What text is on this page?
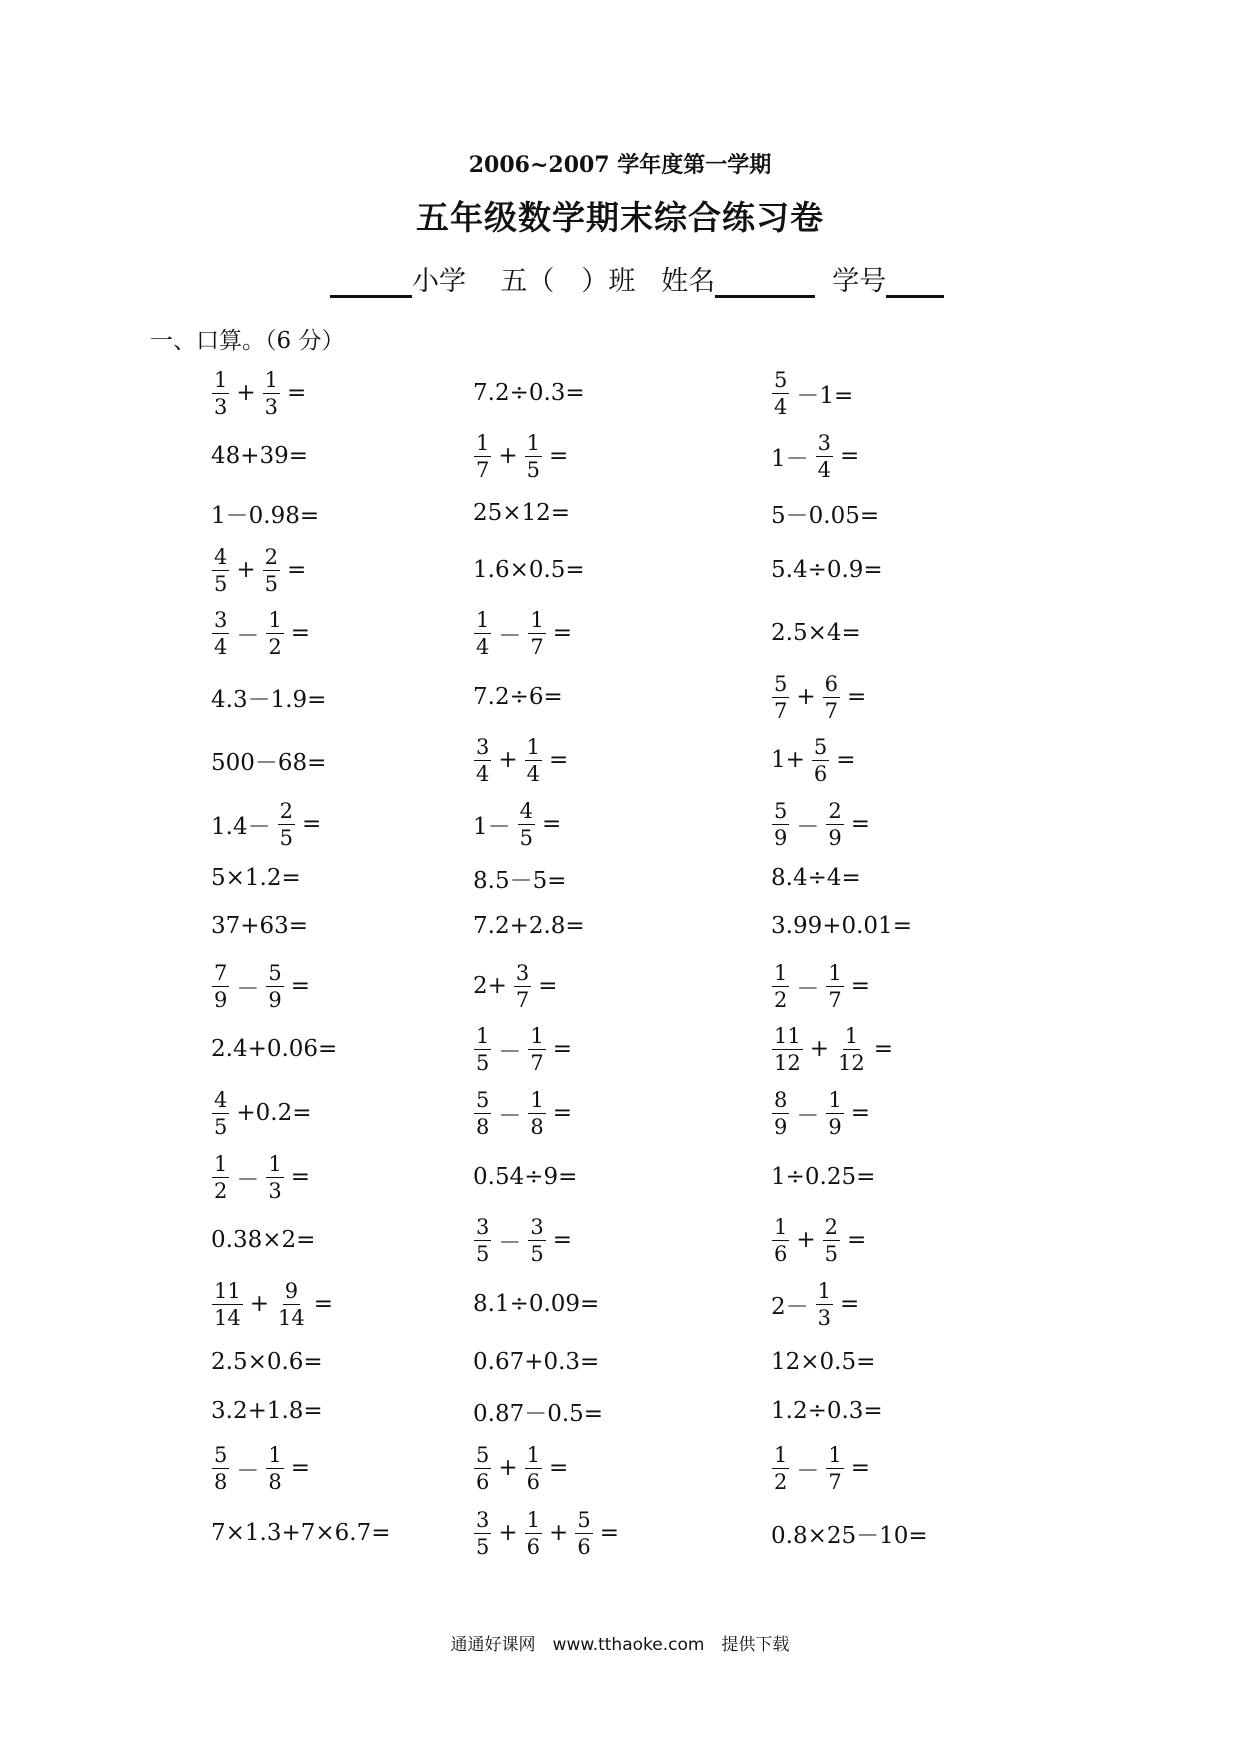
2006~2007 学年度第一学期
五年级数学期末综合练习卷
小学
五（　）班
姓名
	学号
一、口算。（6 分）
$\frac{1}{3} + \frac{1}{3}$ =	7.2÷0.3=	$\frac{5}{4} -1=$
48+39=	$\frac{1}{7} + \frac{1}{5}$ =	$1- \frac{3}{4}$ =
1－0.98=	25×12=	5－0.05=
$\frac{4}{5} + \frac{2}{5}$ =	1.6×0.5=	5.4÷0.9=
$\frac{3}{4} - \frac{1}{2}$ =	$\frac{1}{4} - \frac{1}{7}$ =	2.5×4=
4.3－1.9=	7.2÷6=	$\frac{5}{7} + \frac{6}{7}$ =
500－68=	$\frac{3}{4} + \frac{1}{4}$ =	$1+ \frac{5}{6}$ =
$1.4- \frac{2}{5}$ =	$1- \frac{4}{5}$ =	$\frac{5}{9} - \frac{2}{9}$ =
5×1.2=	8.5－5=	8.4÷4=
37+63=	7.2+2.8=	3.99+0.01=
$\frac{7}{9} - \frac{5}{9}$ =	$2+ \frac{3}{7}$ =	$\frac{1}{2} - \frac{1}{7}$ =
2.4+0.06=	$\frac{1}{5} - \frac{1}{7}$ =	$\frac{11}{12} + \frac{1}{12}$ =
$\frac{4}{5} +0.2=$	$\frac{5}{8} - \frac{1}{8}$ =	$\frac{8}{9} - \frac{1}{9}$ =
$\frac{1}{2} - \frac{1}{3}$ =	0.54÷9=	1÷0.25=
0.38×2=	$\frac{3}{5} - \frac{3}{5}$ =	$\frac{1}{6} + \frac{2}{5}$ =
$\frac{11}{14} + \frac{9}{14}$ =	8.1÷0.09=	$2- \frac{1}{3}$ =
2.5×0.6=	0.67+0.3=	12×0.5=
3.2+1.8=	0.87－0.5=	1.2÷0.3=
$\frac{5}{8} - \frac{1}{8}$ =	$\frac{5}{6} + \frac{1}{6}$ =	$\frac{1}{2} - \frac{1}{7}$ =
7×1.3+7×6.7=	$\frac{3}{5} + \frac{1}{6} + \frac{5}{6}$ =	0.8×25－10=
通通好课网　www.tthaoke.com　提供下载
